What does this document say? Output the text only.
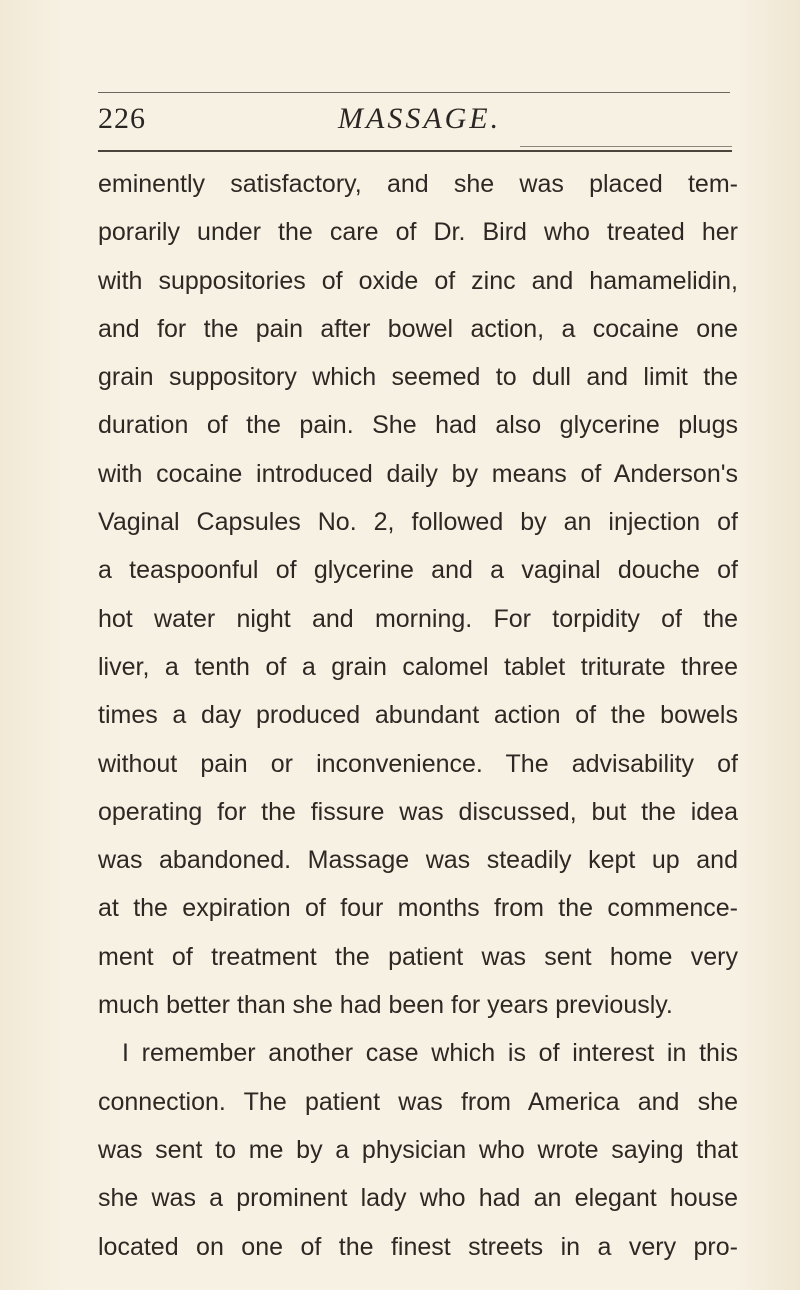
226	MASSAGE.
eminently satisfactory, and she was placed tem-
porarily under the care of Dr. Bird who treated her
with suppositories of oxide of zinc and hamamelidin,
and for the pain after bowel action, a cocaine one
grain suppository which seemed to dull and limit the
duration of the pain. She had also glycerine plugs
with cocaine introduced daily by means of Anderson's
Vaginal Capsules No. 2, followed by an injection of
a teaspoonful of glycerine and a vaginal douche of
hot water night and morning. For torpidity of the
liver, a tenth of a grain calomel tablet triturate three
times a day produced abundant action of the bowels
without pain or inconvenience. The advisability of
operating for the fissure was discussed, but the idea
was abandoned. Massage was steadily kept up and
at the expiration of four months from the commence-
ment of treatment the patient was sent home very
much better than she had been for years previously.
I remember another case which is of interest in this
connection. The patient was from America and she
was sent to me by a physician who wrote saying that
she was a prominent lady who had an elegant house
located on one of the finest streets in a very pro-
